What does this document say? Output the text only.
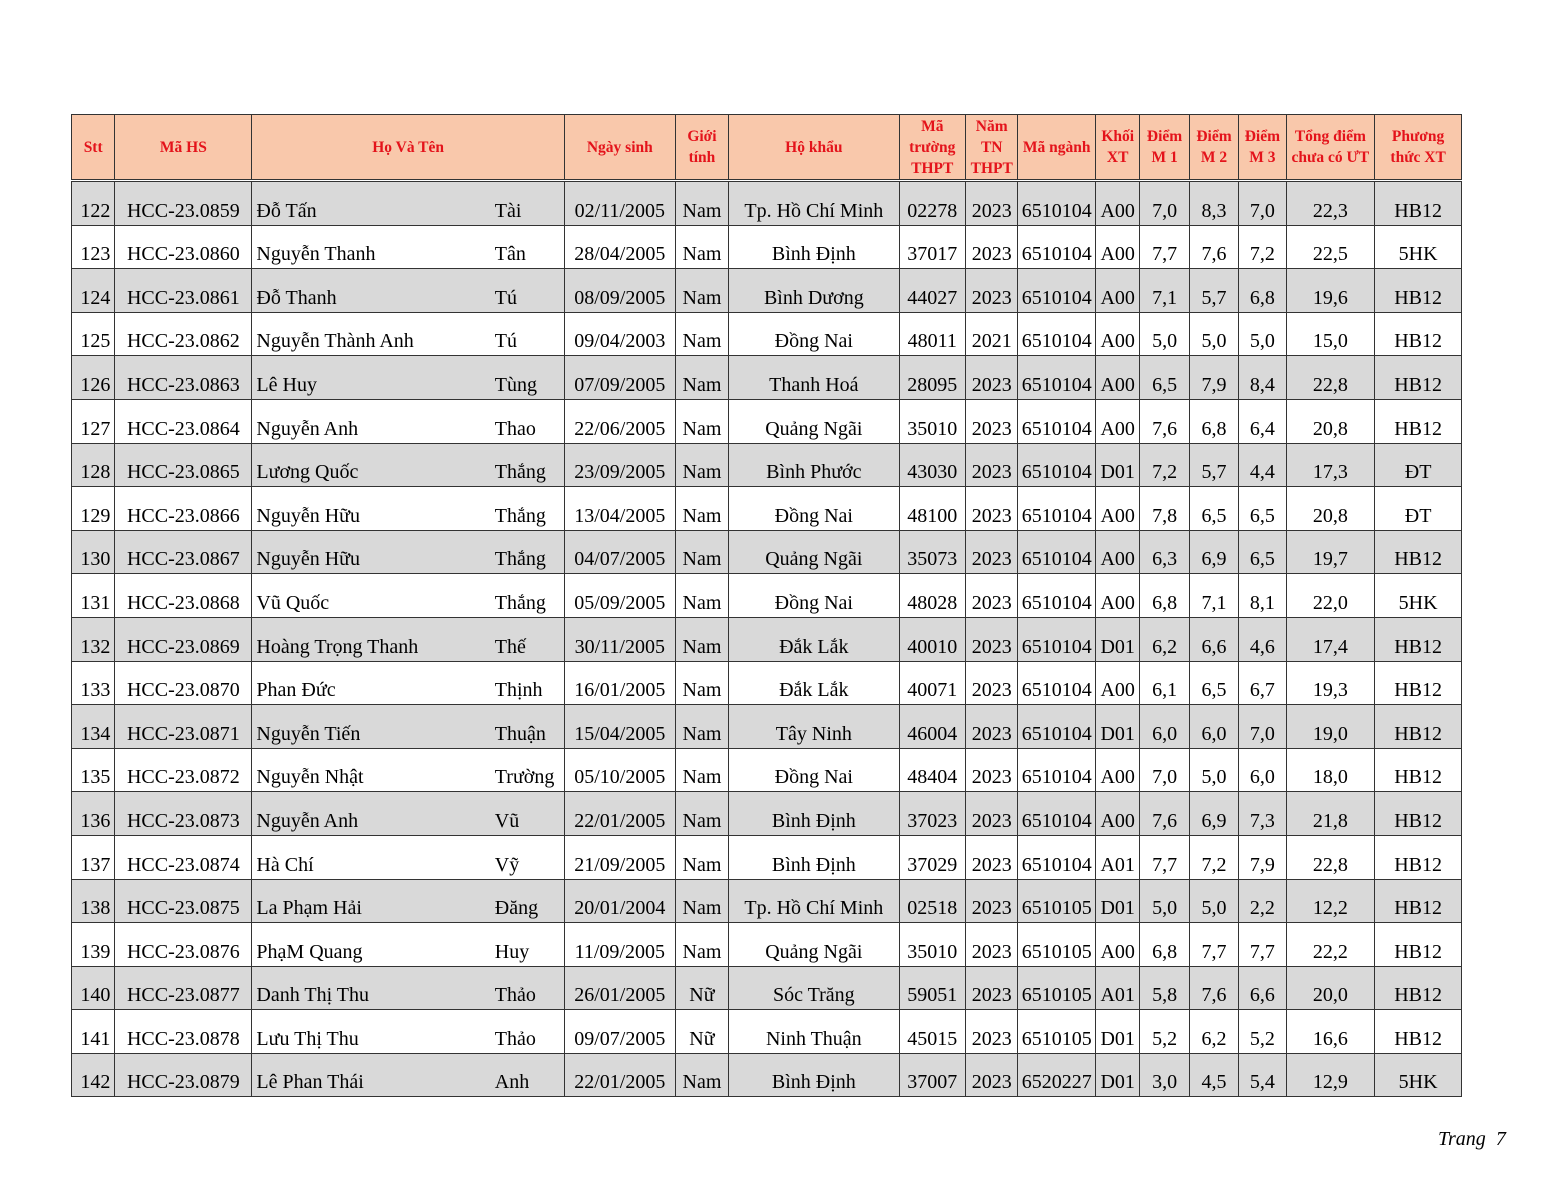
Stt	Mã HS	Họ Và Tên		Ngày sinh	Giới tính	Hộ khẩu	Mã trường THPT	Năm TN THPT	Mã ngành	Khối XT	Điểm M 1	Điểm M 2	Điểm M 3	Tổng điểm chưa có ƯT	Phương thức XT
122	HCC-23.0859	Đỗ Tấn	Tài	02/11/2005	Nam	Tp. Hồ Chí Minh	02278	2023	6510104	A00	7,0	8,3	7,0	22,3	HB12
123	HCC-23.0860	Nguyễn Thanh	Tân	28/04/2005	Nam	Bình Định	37017	2023	6510104	A00	7,7	7,6	7,2	22,5	5HK
124	HCC-23.0861	Đỗ Thanh	Tú	08/09/2005	Nam	Bình Dương	44027	2023	6510104	A00	7,1	5,7	6,8	19,6	HB12
125	HCC-23.0862	Nguyễn Thành Anh	Tú	09/04/2003	Nam	Đồng Nai	48011	2021	6510104	A00	5,0	5,0	5,0	15,0	HB12
126	HCC-23.0863	Lê Huy	Tùng	07/09/2005	Nam	Thanh Hoá	28095	2023	6510104	A00	6,5	7,9	8,4	22,8	HB12
127	HCC-23.0864	Nguyễn Anh	Thao	22/06/2005	Nam	Quảng Ngãi	35010	2023	6510104	A00	7,6	6,8	6,4	20,8	HB12
128	HCC-23.0865	Lương Quốc	Thắng	23/09/2005	Nam	Bình Phước	43030	2023	6510104	D01	7,2	5,7	4,4	17,3	ĐT
129	HCC-23.0866	Nguyễn Hữu	Thắng	13/04/2005	Nam	Đồng Nai	48100	2023	6510104	A00	7,8	6,5	6,5	20,8	ĐT
130	HCC-23.0867	Nguyễn Hữu	Thắng	04/07/2005	Nam	Quảng Ngãi	35073	2023	6510104	A00	6,3	6,9	6,5	19,7	HB12
131	HCC-23.0868	Vũ Quốc	Thắng	05/09/2005	Nam	Đồng Nai	48028	2023	6510104	A00	6,8	7,1	8,1	22,0	5HK
132	HCC-23.0869	Hoàng Trọng Thanh	Thế	30/11/2005	Nam	Đắk Lắk	40010	2023	6510104	D01	6,2	6,6	4,6	17,4	HB12
133	HCC-23.0870	Phan Đức	Thịnh	16/01/2005	Nam	Đắk Lắk	40071	2023	6510104	A00	6,1	6,5	6,7	19,3	HB12
134	HCC-23.0871	Nguyễn Tiến	Thuận	15/04/2005	Nam	Tây Ninh	46004	2023	6510104	D01	6,0	6,0	7,0	19,0	HB12
135	HCC-23.0872	Nguyễn Nhật	Trường	05/10/2005	Nam	Đồng Nai	48404	2023	6510104	A00	7,0	5,0	6,0	18,0	HB12
136	HCC-23.0873	Nguyễn Anh	Vũ	22/01/2005	Nam	Bình Định	37023	2023	6510104	A00	7,6	6,9	7,3	21,8	HB12
137	HCC-23.0874	Hà Chí	Vỹ	21/09/2005	Nam	Bình Định	37029	2023	6510104	A01	7,7	7,2	7,9	22,8	HB12
138	HCC-23.0875	La Phạm Hải	Đăng	20/01/2004	Nam	Tp. Hồ Chí Minh	02518	2023	6510105	D01	5,0	5,0	2,2	12,2	HB12
139	HCC-23.0876	PhạM Quang	Huy	11/09/2005	Nam	Quảng Ngãi	35010	2023	6510105	A00	6,8	7,7	7,7	22,2	HB12
140	HCC-23.0877	Danh Thị Thu	Thảo	26/01/2005	Nữ	Sóc Trăng	59051	2023	6510105	A01	5,8	7,6	6,6	20,0	HB12
141	HCC-23.0878	Lưu Thị Thu	Thảo	09/07/2005	Nữ	Ninh Thuận	45015	2023	6510105	D01	5,2	6,2	5,2	16,6	HB12
142	HCC-23.0879	Lê Phan Thái	Anh	22/01/2005	Nam	Bình Định	37007	2023	6520227	D01	3,0	4,5	5,4	12,9	5HK
Trang 7
